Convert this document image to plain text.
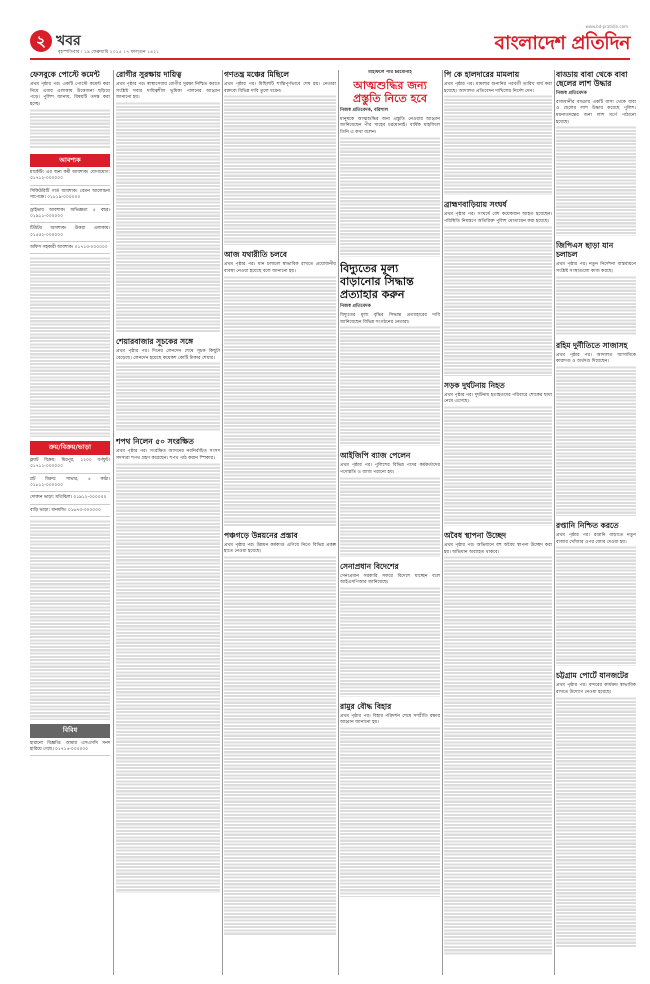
২ খবর
বৃহস্পতিবার । ১৯ ফেব্রুয়ারি ২০১৫ । ৭ ফাল্গুন ১৪২১
www.bd-pratidin.com
বাংলাদেশ প্রতিদিন
ফেসবুকে পোস্টে কমেন্ট
প্রথম পৃষ্ঠার পর। একটি পোস্টে কমেন্ট করা নিয়ে এবার এলাকায় উত্তেজনা ছড়িয়ে পড়ে। পুলিশ জানায়, বিষয়টি তদন্ত করা হচ্ছে।
আবশ্যক
মার্কেটিং এর জন্য কর্মী আবশ্যক। যোগাযোগ: ০১৭১২-০০০০০০
সিকিউরিটি গার্ড আবশ্যক। বেতন আলোচনা সাপেক্ষে। ০১৮১৯-০০০০০০
ড্রাইভার আবশ্যক। অভিজ্ঞতা ৫ বছর। ০১৯১১-০০০০০০
টিউটর আবশ্যক। উত্তরা এলাকায়। ০১৫৫২-০০০০০০
অফিস সহকারী আবশ্যক। ০১৭১৩-০০০০০০
ক্রয়/বিক্রয়/ভাড়া
ফ্ল্যাট বিক্রয়: মিরপুর, ১২০০ বর্গফুট। ০১৭১১-০০০০০০
প্লট বিক্রয়: সাভার, ৫ কাঠা। ০১৮১২-০০০০০০
দোকান ভাড়া: মতিঝিল। ০১৯১২-০০০০০০
বাড়ি ভাড়া: ধানমন্ডি। ০১৬৭৩-০০০০০০
বিবিধ
হারানো বিজ্ঞপ্তি: আমার এসএসসি সনদ হারিয়ে গেছে। ০১৭১৫-০০০০০০
রোগীর সুরক্ষায় দায়িত্ব
প্রথম পৃষ্ঠার পর। স্বাস্থ্যসেবায় রোগীর সুরক্ষা নিশ্চিত করতে সংশ্লিষ্ট সবার দায়িত্বশীল ভূমিকা পালনের আহ্বান জানানো হয়।
শেয়ারবাজার সূচকের সঙ্গে
প্রথম পৃষ্ঠার পর। দিনের লেনদেন শেষে সূচক কিছুটা বেড়েছে। লেনদেন হয়েছে কয়েকশ কোটি টাকার শেয়ার।
শপথ নিলেন ৫০ সংরক্ষিত
প্রথম পৃষ্ঠার পর। সংরক্ষিত আসনের নবনির্বাচিত সংসদ সদস্যরা শপথ গ্রহণ করেছেন। শপথ পাঠ করান স্পিকার।
গণতন্ত্র মঞ্চের মিছিলে
প্রথম পৃষ্ঠার পর। মিছিলটি শান্তিপূর্ণভাবে শেষ হয়। নেতারা বক্তব্যে বিভিন্ন দাবি তুলে ধরেন।
আজ যথারীতি চলবে
প্রথম পৃষ্ঠার পর। যান চলাচল স্বাভাবিক রাখতে প্রয়োজনীয় ব্যবস্থা নেওয়া হয়েছে বলে জানানো হয়।
পঞ্চগড়ে উন্নয়নের প্রস্তাব
প্রথম পৃষ্ঠার পর। উন্নয়ন কর্মকাণ্ড এগিয়ে নিতে বিভিন্ন প্রকল্প হাতে নেওয়া হয়েছে।
মাহফিলে পীর চরমোনাই
আত্মশুদ্ধির জন্য প্রস্তুতি নিতে হবে
নিজস্ব প্রতিবেদক, বরিশাল
মানুষকে আত্মশুদ্ধির জন্য প্রস্তুতি নেওয়ার আহ্বান জানিয়েছেন পীর সাহেব চরমোনাই। বার্ষিক মাহফিলে তিনি এ কথা বলেন।
বিদ্যুতের মূল্য বাড়ানোর সিদ্ধান্ত প্রত্যাহার করুন
নিজস্ব প্রতিবেদক
বিদ্যুতের মূল্য বৃদ্ধির সিদ্ধান্ত প্রত্যাহারের দাবি জানিয়েছেন বিভিন্ন সংগঠনের নেতারা।
আইজিপি ব্যাজ পেলেন
প্রথম পৃষ্ঠার পর। পুলিশের বিভিন্ন পদের কর্মকর্তাদের পদোন্নতি ও ব্যাজ পরানো হয়।
সেনাপ্রধান বিদেশের
সেনাপ্রধান সরকারি সফরে বিদেশে যাচ্ছেন বলে আইএসপিআর জানিয়েছে।
রামুর বৌদ্ধ বিহার
প্রথম পৃষ্ঠার পর। বিহার পরিদর্শন শেষে সম্প্রীতি রক্ষার আহ্বান জানানো হয়।
পি কে হালদারের মামলায়
প্রথম পৃষ্ঠার পর। মামলার শুনানির পরবর্তী তারিখ ধার্য করা হয়েছে। আদালত প্রতিবেদন দাখিলের নির্দেশ দেন।
ব্রাহ্মণবাড়িয়ায় সংঘর্ষ
প্রথম পৃষ্ঠার পর। সংঘর্ষে বেশ কয়েকজন আহত হয়েছেন। পরিস্থিতি নিয়ন্ত্রণে অতিরিক্ত পুলিশ মোতায়েন করা হয়েছে।
সড়ক দুর্ঘটনায় নিহত
প্রথম পৃষ্ঠার পর। দুর্ঘটনায় হতাহতদের পরিবারে শোকের ছায়া নেমে এসেছে।
অবৈধ স্থাপনা উচ্ছেদ
প্রথম পৃষ্ঠার পর। অভিযানে বহু অবৈধ স্থাপনা উচ্ছেদ করা হয়। অভিযান অব্যাহত থাকবে।
বাড্ডায় বাবা থেকে বাবা ছেলের লাশ উদ্ধার
নিজস্ব প্রতিবেদক
রাজধানীর বাড্ডায় একটি বাসা থেকে বাবা ও ছেলের লাশ উদ্ধার করেছে পুলিশ। ময়নাতদন্তের জন্য লাশ মর্গে পাঠানো হয়েছে।
জিপিএস ছাড়া যান চলাচল
প্রথম পৃষ্ঠার পর। নতুন নির্দেশনা বাস্তবায়নে সংশ্লিষ্ট সংস্থাগুলো কাজ করছে।
রহিম দুর্নীতিতে সাজাসহ
প্রথম পৃষ্ঠার পর। আদালত আসামিকে কারাদণ্ড ও অর্থদণ্ড দিয়েছেন।
রপ্তানি নিশ্চিত করতে
প্রথম পৃষ্ঠার পর। রপ্তানি বাড়াতে নতুন বাজার খোঁজার ওপর জোর দেওয়া হয়।
চট্টগ্রাম পোর্টে যানজটের
প্রথম পৃষ্ঠার পর। বন্দরের কার্যক্রম স্বাভাবিক রাখতে উদ্যোগ নেওয়া হয়েছে।
